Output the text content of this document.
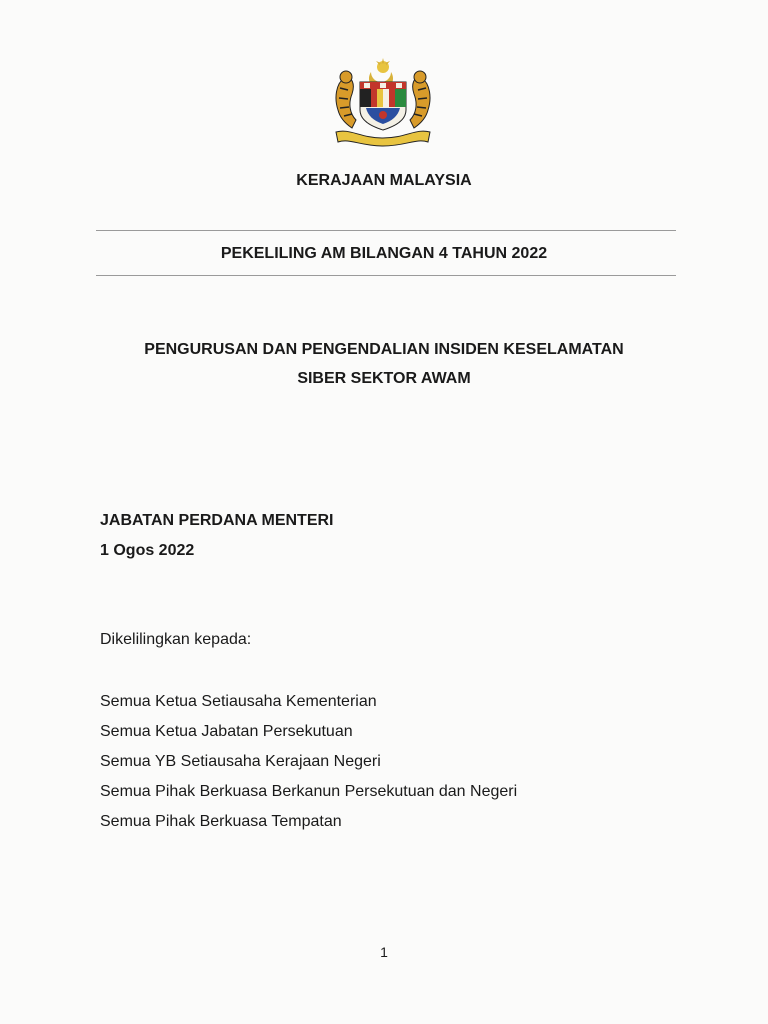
KERAJAAN MALAYSIA
PEKELILING AM BILANGAN 4 TAHUN 2022
PENGURUSAN DAN PENGENDALIAN INSIDEN KESELAMATAN
SIBER SEKTOR AWAM
JABATAN PERDANA MENTERI
1 Ogos 2022
Dikelilingkan kepada:
Semua Ketua Setiausaha Kementerian
Semua Ketua Jabatan Persekutuan
Semua YB Setiausaha Kerajaan Negeri
Semua Pihak Berkuasa Berkanun Persekutuan dan Negeri
Semua Pihak Berkuasa Tempatan
1
